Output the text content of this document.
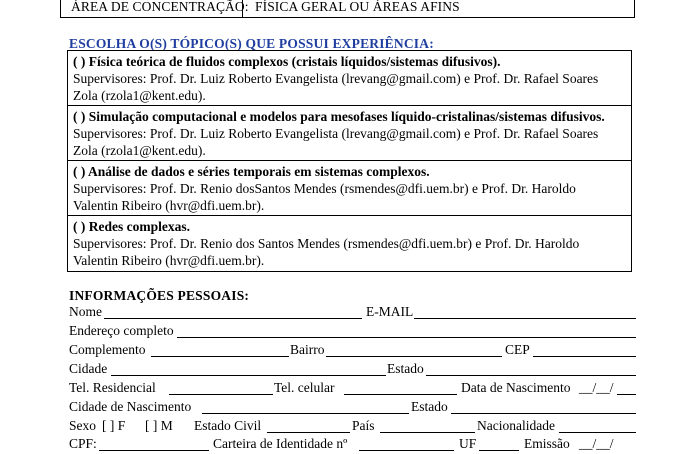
ÁREA DE CONCENTRAÇÃO: FÍSICA GERAL OU ÁREAS AFINS
ESCOLHA O(S) TÓPICO(S) QUE POSSUI EXPERIÊNCIA:
( ) Física teórica de fluidos complexos (cristais líquidos/sistemas difusivos).
Supervisores: Prof. Dr. Luiz Roberto Evangelista (lrevang@gmail.com) e Prof. Dr. Rafael Soares
Zola (rzola1@kent.edu).
( ) Simulação computacional e modelos para mesofases líquido-cristalinas/sistemas difusivos.
Supervisores: Prof. Dr. Luiz Roberto Evangelista (lrevang@gmail.com) e Prof. Dr. Rafael Soares
Zola (rzola1@kent.edu).
( ) Análise de dados e séries temporais em sistemas complexos.
Supervisores: Prof. Dr. Renio dosSantos Mendes (rsmendes@dfi.uem.br) e Prof. Dr. Haroldo
Valentin Ribeiro (hvr@dfi.uem.br).
( ) Redes complexas.
Supervisores: Prof. Dr. Renio dos Santos Mendes (rsmendes@dfi.uem.br) e Prof. Dr. Haroldo
Valentin Ribeiro (hvr@dfi.uem.br).
INFORMAÇÕES PESSOAIS:
Nome	E-MAIL
Endereço completo
Complemento	Bairro	CEP
Cidade	Estado
Tel. Residencial	Tel. celular	Data de Nascimento __/__/
Cidade de Nascimento	Estado
Sexo [ ] F [ ] M Estado Civil	País	Nacionalidade
CPF:	Carteira de Identidade nº	UF	Emissão __/__/
